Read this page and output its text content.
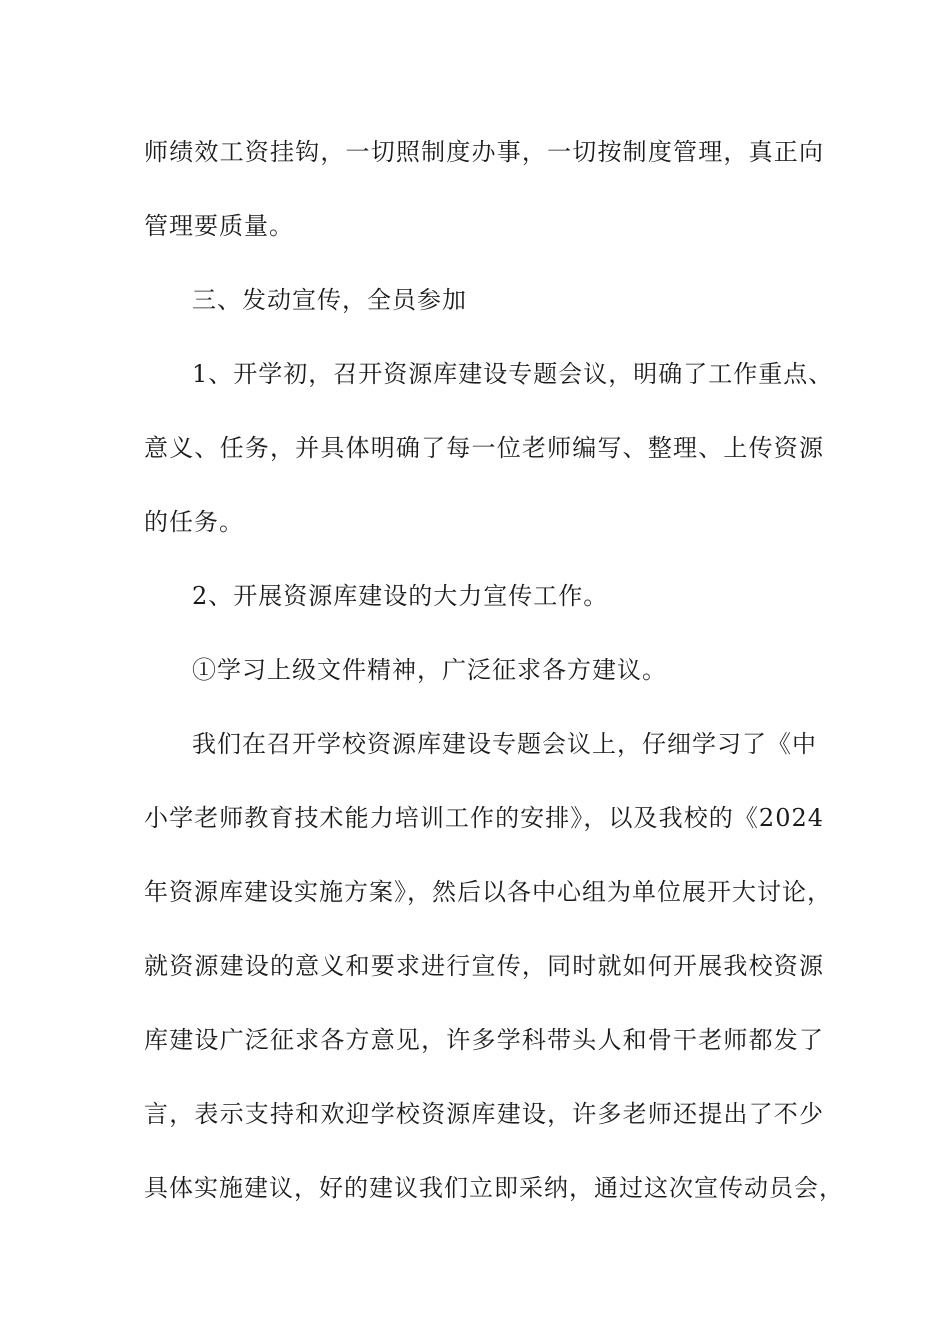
师绩效工资挂钩，一切照制度办事，一切按制度管理，真正向
管理要质量。
三、发动宣传，全员参加
1、开学初，召开资源库建设专题会议，明确了工作重点、
意义、任务，并具体明确了每一位老师编写、整理、上传资源
的任务。
2、开展资源库建设的大力宣传工作。
①学习上级文件精神，广泛征求各方建议。
我们在召开学校资源库建设专题会议上，仔细学习了《中
小学老师教育技术能力培训工作的安排》，以及我校的《2024
年资源库建设实施方案》，然后以各中心组为单位展开大讨论，
就资源建设的意义和要求进行宣传，同时就如何开展我校资源
库建设广泛征求各方意见，许多学科带头人和骨干老师都发了
言，表示支持和欢迎学校资源库建设，许多老师还提出了不少
具体实施建议，好的建议我们立即采纳，通过这次宣传动员会，
